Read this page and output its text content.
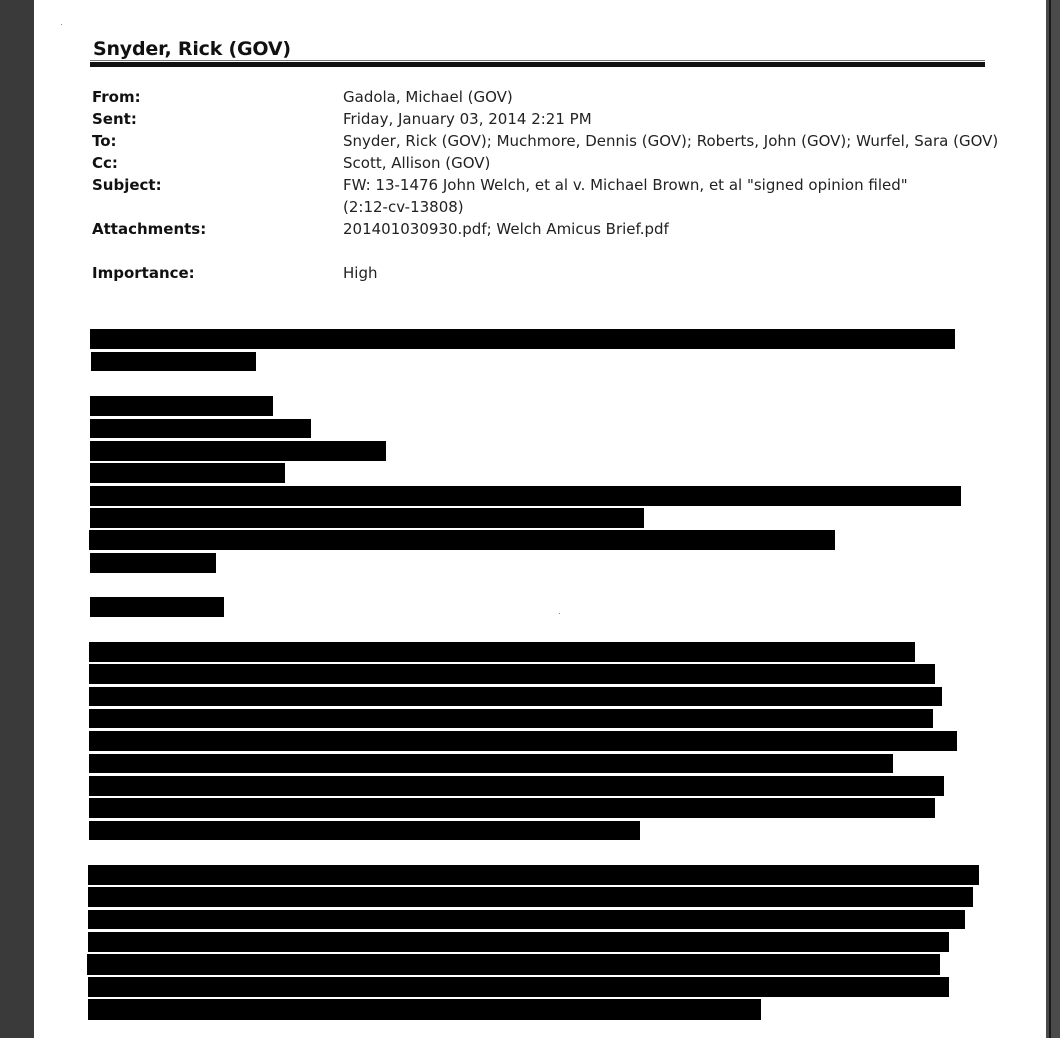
Snyder, Rick (GOV)
From:	Gadola, Michael (GOV)
Sent:	Friday, January 03, 2014 2:21 PM
To:	Snyder, Rick (GOV); Muchmore, Dennis (GOV); Roberts, John (GOV); Wurfel, Sara (GOV)
Cc:	Scott, Allison (GOV)
Subject:	FW: 13-1476 John Welch, et al v. Michael Brown, et al "signed opinion filed" (2:12-cv-13808)
Attachments:	201401030930.pdf; Welch Amicus Brief.pdf
Importance:	High
